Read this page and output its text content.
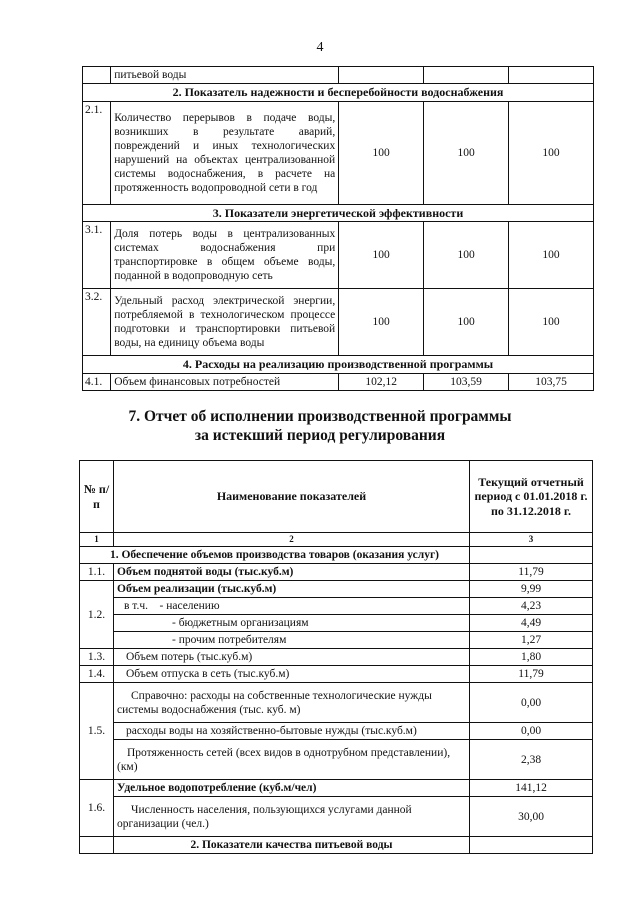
4
	питьевой воды			
2. Показатель надежности и бесперебойности водоснабжения				
2.1.	Количество перерывов в подаче воды, возникших в результате аварий, повреждений и иных технологических нарушений на объектах централизованной системы водоснабжения, в расчете на протяженность водопроводной сети в год	100	100	100
3. Показатели энергетической эффективности				
3.1.	Доля потерь воды в централизованных системах водоснабжения при транспортировке в общем объеме воды, поданной в водопроводную сеть	100	100	100
3.2.	Удельный расход электрической энергии, потребляемой в технологическом процессе подготовки и транспортировки питьевой воды, на единицу объема воды	100	100	100
4. Расходы на реализацию производственной программы				
4.1.	Объем финансовых потребностей	102,12	103,59	103,75
7. Отчет об исполнении производственной программы
за истекший период регулирования
№ п/п	Наименование показателей	Текущий отчетный период с 01.01.2018 г. по 31.12.2018 г.
1	2	3
1. Обеспечение объемов производства товаров (оказания услуг)		
1.1.	Объем поднятой воды (тыс.куб.м)	11,79
1.2.	Объем реализации (тыс.куб.м)	9,99
	в т.ч. - населению	4,23
	- бюджетным организациям	4,49
	- прочим потребителям	1,27
1.3.	Объем потерь (тыс.куб.м)	1,80
1.4.	Объем отпуска в сеть (тыс.куб.м)	11,79
1.5.	Справочно: расходы на собственные технологические нужды системы водоснабжения (тыс. куб. м)	0,00
	расходы воды на хозяйственно-бытовые нужды (тыс.куб.м)	0,00
	Протяженность сетей (всех видов в однотрубном представлении), (км)	2,38
1.6.	Удельное водопотребление (куб.м/чел)	141,12
	Численность населения, пользующихся услугами данной организации (чел.)	30,00
	2. Показатели качества питьевой воды	
